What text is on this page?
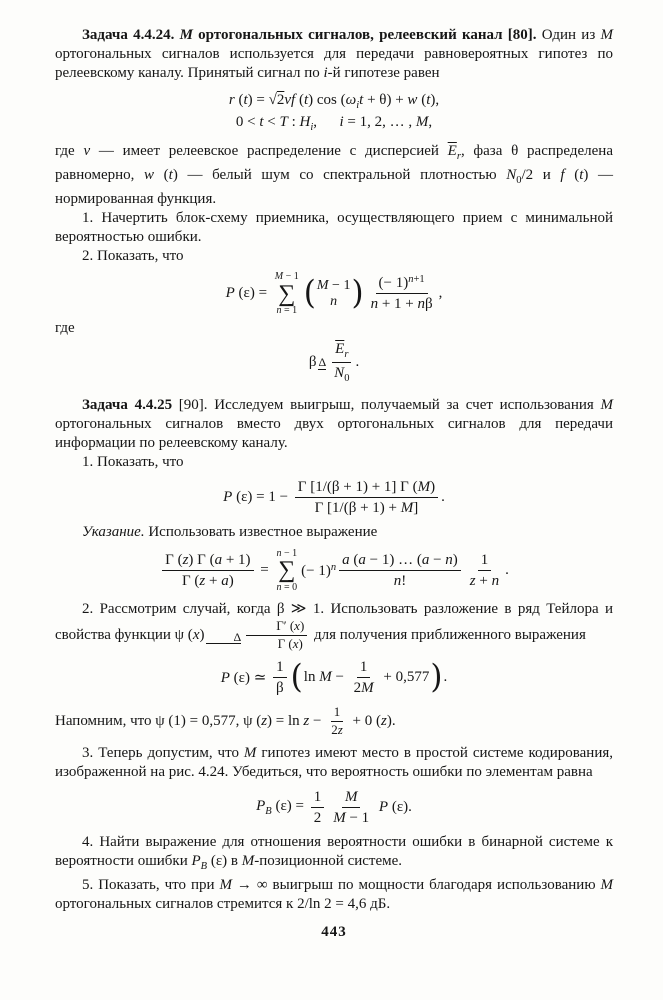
Задача 4.4.24. M ортогональных сигналов, релеевский канал [80]. Один из M ортогональных сигналов используется для передачи равновероятных гипотез по релеевскому каналу. Принятый сигнал по i-й гипотезе равен

r (t) = √2vf (t) $\cos (\omega_it + \theta) + w$ (t),
0 < t < T : $H_i$,      i = 1, 2, … , M,

где v — имеет релеевское распределение с дисперсией $\overline{E}_r$, фаза θ распределена равномерно, w (t) — белый шум со спектральной плотностью $N_0/2$ и f (t) — нормированная функция.

1. Начертить блок-схему приемника, осуществляющего прием с минимальной вероятностью ошибки.

2. Показать, что

P (ε) =
M − 1
∑
n = 1 ( M − 1
n ) $\frac{(- 1)^{n+1}}{n + 1 + n\beta}$ ,

где

β Δ $\frac{\overline{E}_r}{N_0}$ .

Задача 4.4.25 [90]. Исследуем выигрыш, получаемый за счет использования M ортогональных сигналов вместо двух ортогональных сигналов для передачи информации по релеевскому каналу.

1. Показать, что

P $(\varepsilon) = 1 - \frac{\Gamma [1/(\beta + 1) + 1] \Gamma (M)}{\Gamma [1/(\beta + 1) + M]}$ .

Указание. Использовать известное выражение

$\frac{\Gamma (z) \Gamma (a + 1)}{\Gamma (z + a)}$ =
n − 1
∑
n = 0
(− $1)^n \frac{a (a - 1) \dots (a - n)}{n!} \frac{1}{z + n}$ .

2. Рассмотрим случай, когда β ≫ 1. Использовать разложение в ряд Тейлора и свойства функции ψ (x) Δ $\frac{\Gamma' (x)}{\Gamma (x)}$ для получения приближенного выражения

P (ε) ≃ $\frac{1}{\beta}$ ( $\ln M - \frac{1}{2M} + 0,577$ ) .

Напомним, что ψ (1) = 0,577, ψ $(z) = \ln z - \frac{1}{2z} + 0$ (z).

3. Теперь допустим, что M гипотез имеют место в простой системе кодирования, изображенной на рис. 4.24. Убедиться, что вероятность ошибки по элементам равна

$P_B$ $(\varepsilon) = \frac{1}{2} \frac{M}{M - 1}$ P (ε).

4. Найти выражение для отношения вероятности ошибки в бинарной системе к вероятности ошибки $P_B$ (ε) в M-позиционной системе.

5. Показать, что при M → ∞ выигрыш по мощности благодаря использованию M ортогональных сигналов стремится к 2/ln 2 = 4,6 дБ.

443
